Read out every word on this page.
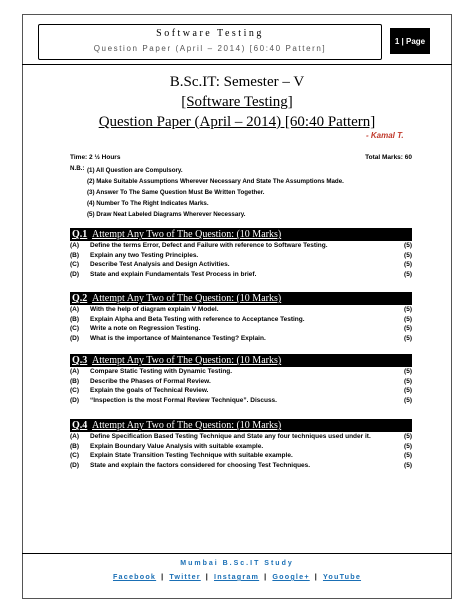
Software Testing
Question Paper (April – 2014) [60:40 Pattern]
1 | Page
B.Sc.IT: Semester – V
[Software Testing]
Question Paper (April – 2014) [60:40 Pattern]
- Kamal T.
Time: 2 ½ Hours	Total Marks: 60
N.B.: (1) All Question are Compulsory.
(2) Make Suitable Assumptions Wherever Necessary And State The Assumptions Made.
(3) Answer To The Same Question Must Be Written Together.
(4) Number To The Right Indicates Marks.
(5) Draw Neat Labeled Diagrams Wherever Necessary.
Q.1 Attempt Any Two of The Question: (10 Marks)
(A)	Define the terms Error, Defect and Failure with reference to Software Testing.	(5)
(B)	Explain any two Testing Principles.	(5)
(C)	Describe Test Analysis and Design Activities.	(5)
(D)	State and explain Fundamentals Test Process in brief.	(5)
Q.2 Attempt Any Two of The Question: (10 Marks)
(A)	With the help of diagram explain V Model.	(5)
(B)	Explain Alpha and Beta Testing with reference to Acceptance Testing.	(5)
(C)	Write a note on Regression Testing.	(5)
(D)	What is the importance of Maintenance Testing? Explain.	(5)
Q.3 Attempt Any Two of The Question: (10 Marks)
(A)	Compare Static Testing with Dynamic Testing.	(5)
(B)	Describe the Phases of Formal Review.	(5)
(C)	Explain the goals of Technical Review.	(5)
(D)	“Inspection is the most Formal Review Technique”. Discuss.	(5)
Q.4 Attempt Any Two of The Question: (10 Marks)
(A)	Define Specification Based Testing Technique and State any four techniques used under it.	(5)
(B)	Explain Boundary Value Analysis with suitable example.	(5)
(C)	Explain State Transition Testing Technique with suitable example.	(5)
(D)	State and explain the factors considered for choosing Test Techniques.	(5)
Mumbai B.Sc.IT Study
Facebook | Twitter | Instagram | Google+ | YouTube
